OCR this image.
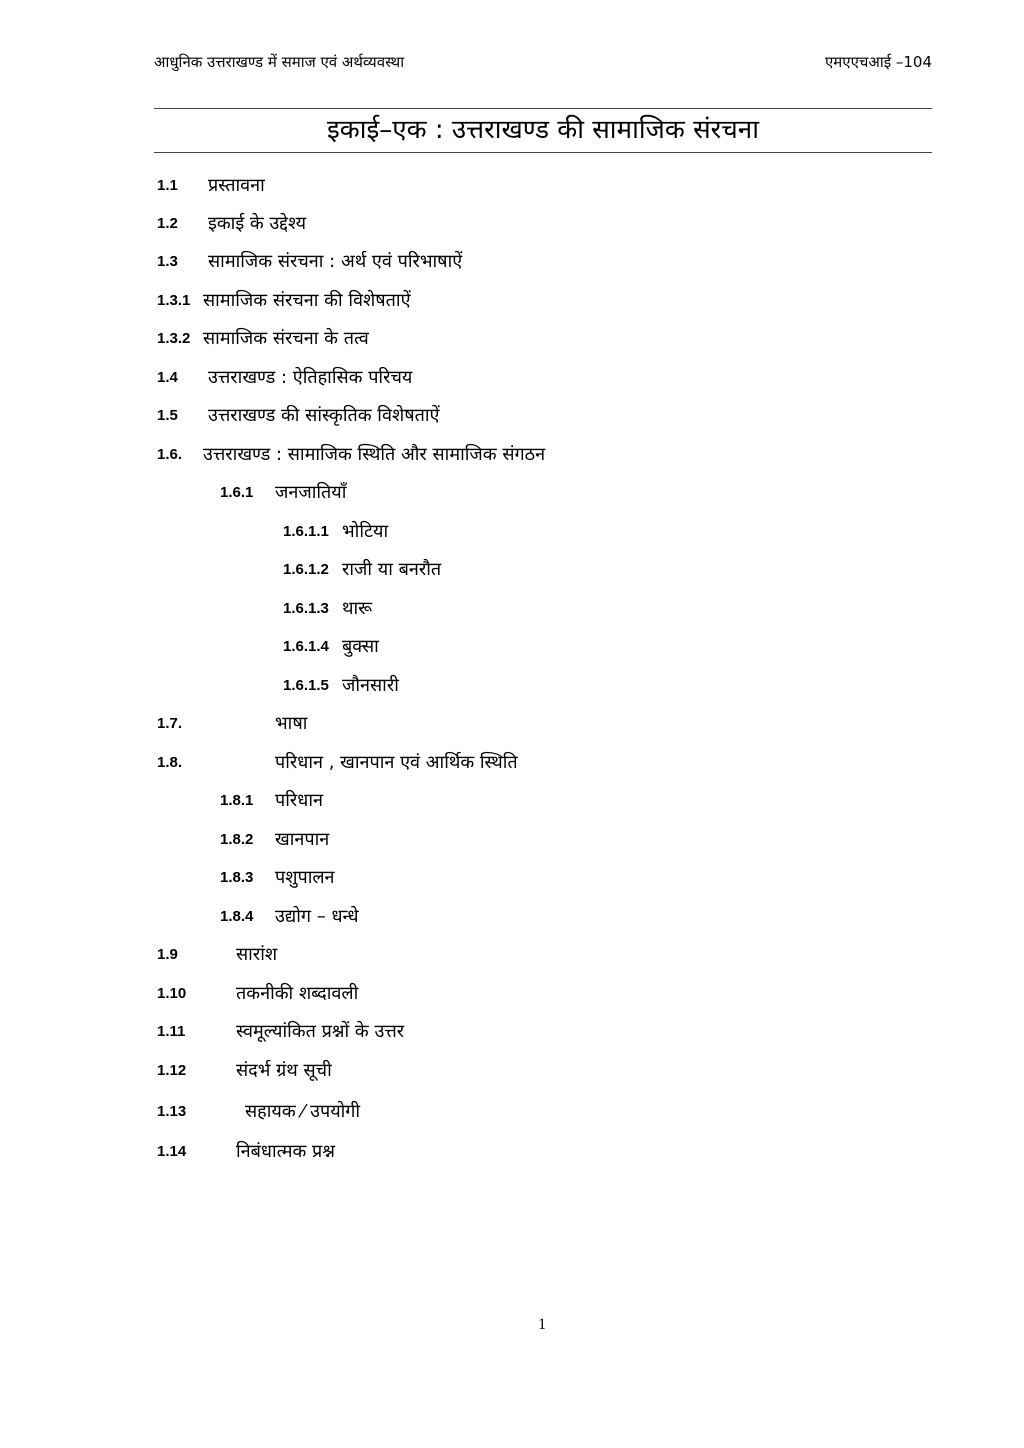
आधुनिक उत्तराखण्ड में समाज एवं अर्थव्यवस्था	एमएएचआई –104
इकाई–एक : उत्तराखण्ड की सामाजिक संरचना
1.1 प्रस्तावना
1.2 इकाई के उद्देश्य
1.3 सामाजिक संरचना : अर्थ एवं परिभाषाऐं
1.3.1 सामाजिक संरचना की विशेषताऐं
1.3.2 सामाजिक संरचना के तत्व
1.4 उत्तराखण्ड : ऐतिहासिक परिचय
1.5 उत्तराखण्ड की सांस्कृतिक विशेषताऐं
1.6. उत्तराखण्ड : सामाजिक स्थिति और सामाजिक संगठन
1.6.1 जनजातियाँ
1.6.1.1 भोटिया
1.6.1.2 राजी या बनरौत
1.6.1.3 थारू
1.6.1.4 बुक्सा
1.6.1.5 जौनसारी
1.7.	भाषा
1.8.	परिधान , खानपान एवं आर्थिक स्थिति
1.8.1 परिधान
1.8.2 खानपान
1.8.3 पशुपालन
1.8.4 उद्योग – धन्धे
1.9	सारांश
1.10	तकनीकी शब्दावली
1.11	स्वमूल्यांकित प्रश्नों के उत्तर
1.12	संदर्भ ग्रंथ सूची
1.13	सहायक ⁄ उपयोगी
1.14	निबंधात्मक प्रश्न
1
